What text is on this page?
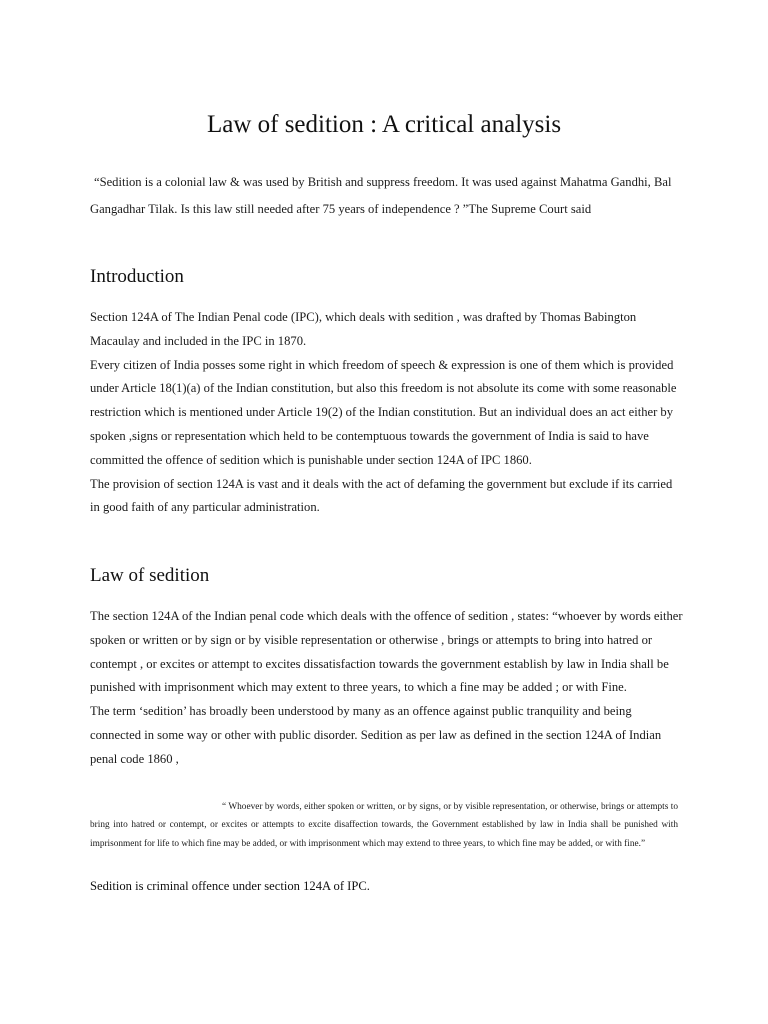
Law of sedition : A critical analysis
“Sedition is a colonial law & was used by British and suppress freedom. It was used against Mahatma Gandhi, Bal Gangadhar Tilak. Is this law still needed after 75 years of independence ? ”The Supreme Court said
Introduction

Section 124A of The Indian Penal code (IPC), which deals with sedition , was drafted by Thomas Babington Macaulay and included in the IPC in 1870.

Every citizen of India posses some right in which freedom of speech & expression is one of them which is provided under Article 18(1)(a) of the Indian constitution, but also this freedom is not absolute its come with some reasonable restriction which is mentioned under Article 19(2) of the Indian constitution. But an individual does an act either by spoken ,signs or representation which held to be contemptuous towards the government of India is said to have committed the offence of sedition which is punishable under section 124A of IPC 1860.

The provision of section 124A is vast and it deals with the act of defaming the government but exclude if its carried in good faith of any particular administration.

Law of sedition

The section 124A of the Indian penal code which deals with the offence of sedition , states: “whoever by words either spoken or written or by sign or by visible representation or otherwise , brings or attempts to bring into hatred or contempt , or excites or attempt to excites dissatisfaction towards the government establish by law in India shall be punished with imprisonment which may extent to three years, to which a fine may be added ; or with Fine.

The term ‘sedition’ has broadly been understood by many as an offence against public tranquility and being connected in some way or other with public disorder. Sedition as per law as defined in the section 124A of Indian penal code 1860 ,

“ Whoever by words, either spoken or written, or by signs, or by visible representation, or otherwise, brings or attempts to bring into hatred or contempt, or excites or attempts to excite disaffection towards, the Government established by law in India shall be punished with imprisonment for life to which fine may be added, or with imprisonment which may extend to three years, to which fine may be added, or with fine.”

Sedition is criminal offence under section 124A of IPC.
